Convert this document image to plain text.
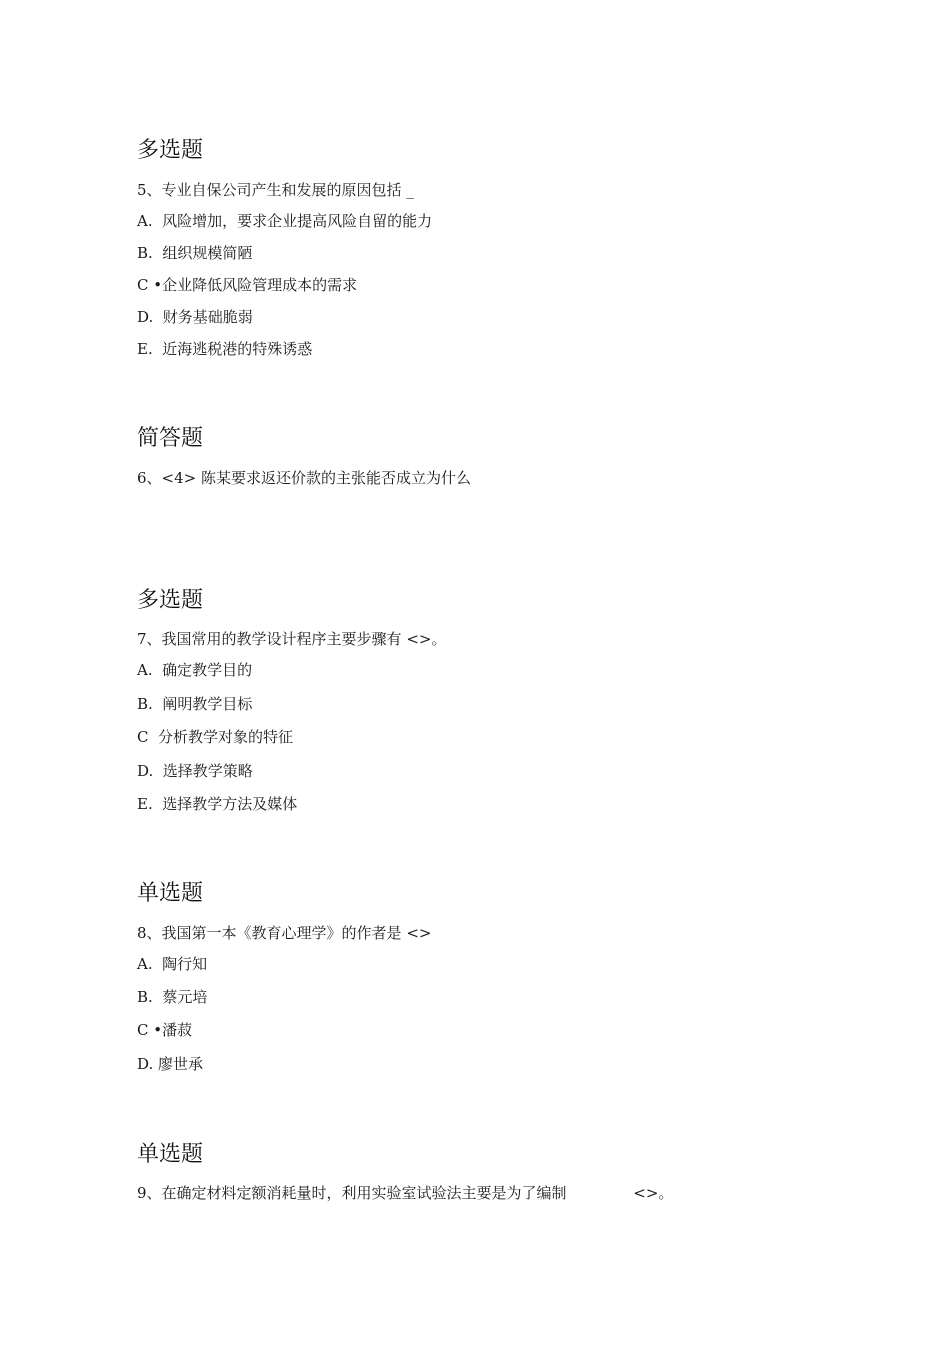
多选题
5、专业自保公司产生和发展的原因包括 _
A.  风险增加，要求企业提高风险自留的能力
B.  组织规模简陋
C •企业降低风险管理成本的需求
D.  财务基础脆弱
E.  近海逃税港的特殊诱惑
简答题
6、<4> 陈某要求返还价款的主张能否成立为什么
多选题
7、我国常用的教学设计程序主要步骤有 <>。
A.  确定教学目的
B.  阐明教学目标
C  分析教学对象的特征
D.  选择教学策略
E.  选择教学方法及媒体
单选题
8、我国第一本《教育心理学》的作者是 <>
A.  陶行知
B.  蔡元培
C •潘菽
D. 廖世承
单选题
9、在确定材料定额消耗量时，利用实验室试验法主要是为了编制              <>。
